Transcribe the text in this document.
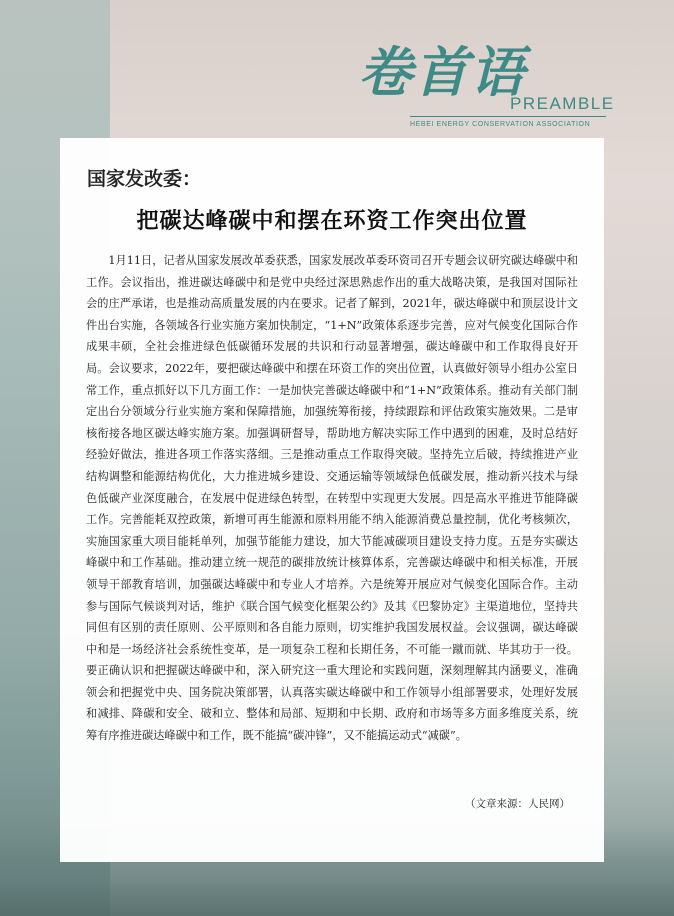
卷首语
PREAMBLE
HEBEI ENERGY CONSERVATION ASSOCIATION
国家发改委：
把碳达峰碳中和摆在环资工作突出位置

1月11日，记者从国家发展改革委获悉，国家发展改革委环资司召开专题会议研究碳达峰碳中和工作。会议指出，推进碳达峰碳中和是党中央经过深思熟虑作出的重大战略决策，是我国对国际社会的庄严承诺，也是推动高质量发展的内在要求。记者了解到，2021年，碳达峰碳中和顶层设计文件出台实施，各领域各行业实施方案加快制定，“1+N”政策体系逐步完善，应对气候变化国际合作成果丰硕，全社会推进绿色低碳循环发展的共识和行动显著增强，碳达峰碳中和工作取得良好开局。会议要求，2022年，要把碳达峰碳中和摆在环资工作的突出位置，认真做好领导小组办公室日常工作，重点抓好以下几方面工作：一是加快完善碳达峰碳中和“1+N”政策体系。推动有关部门制定出台分领域分行业实施方案和保障措施，加强统筹衔接，持续跟踪和评估政策实施效果。二是审核衔接各地区碳达峰实施方案。加强调研督导，帮助地方解决实际工作中遇到的困难，及时总结好经验好做法，推进各项工作落实落细。三是推动重点工作取得突破。坚持先立后破，持续推进产业结构调整和能源结构优化，大力推进城乡建设、交通运输等领域绿色低碳发展，推动新兴技术与绿色低碳产业深度融合，在发展中促进绿色转型，在转型中实现更大发展。四是高水平推进节能降碳工作。完善能耗双控政策，新增可再生能源和原料用能不纳入能源消费总量控制，优化考核频次，实施国家重大项目能耗单列，加强节能能力建设，加大节能减碳项目建设支持力度。五是夯实碳达峰碳中和工作基础。推动建立统一规范的碳排放统计核算体系，完善碳达峰碳中和相关标准，开展领导干部教育培训，加强碳达峰碳中和专业人才培养。六是统筹开展应对气候变化国际合作。主动参与国际气候谈判对话，维护《联合国气候变化框架公约》及其《巴黎协定》主渠道地位，坚持共同但有区别的责任原则、公平原则和各自能力原则，切实维护我国发展权益。会议强调，碳达峰碳中和是一场经济社会系统性变革，是一项复杂工程和长期任务，不可能一蹴而就、毕其功于一役。要正确认识和把握碳达峰碳中和，深入研究这一重大理论和实践问题，深刻理解其内涵要义，准确领会和把握党中央、国务院决策部署，认真落实碳达峰碳中和工作领导小组部署要求，处理好发展和减排、降碳和安全、破和立、整体和局部、短期和中长期、政府和市场等多方面多维度关系，统筹有序推进碳达峰碳中和工作，既不能搞“碳冲锋”，又不能搞运动式“减碳”。

（文章来源：人民网）
